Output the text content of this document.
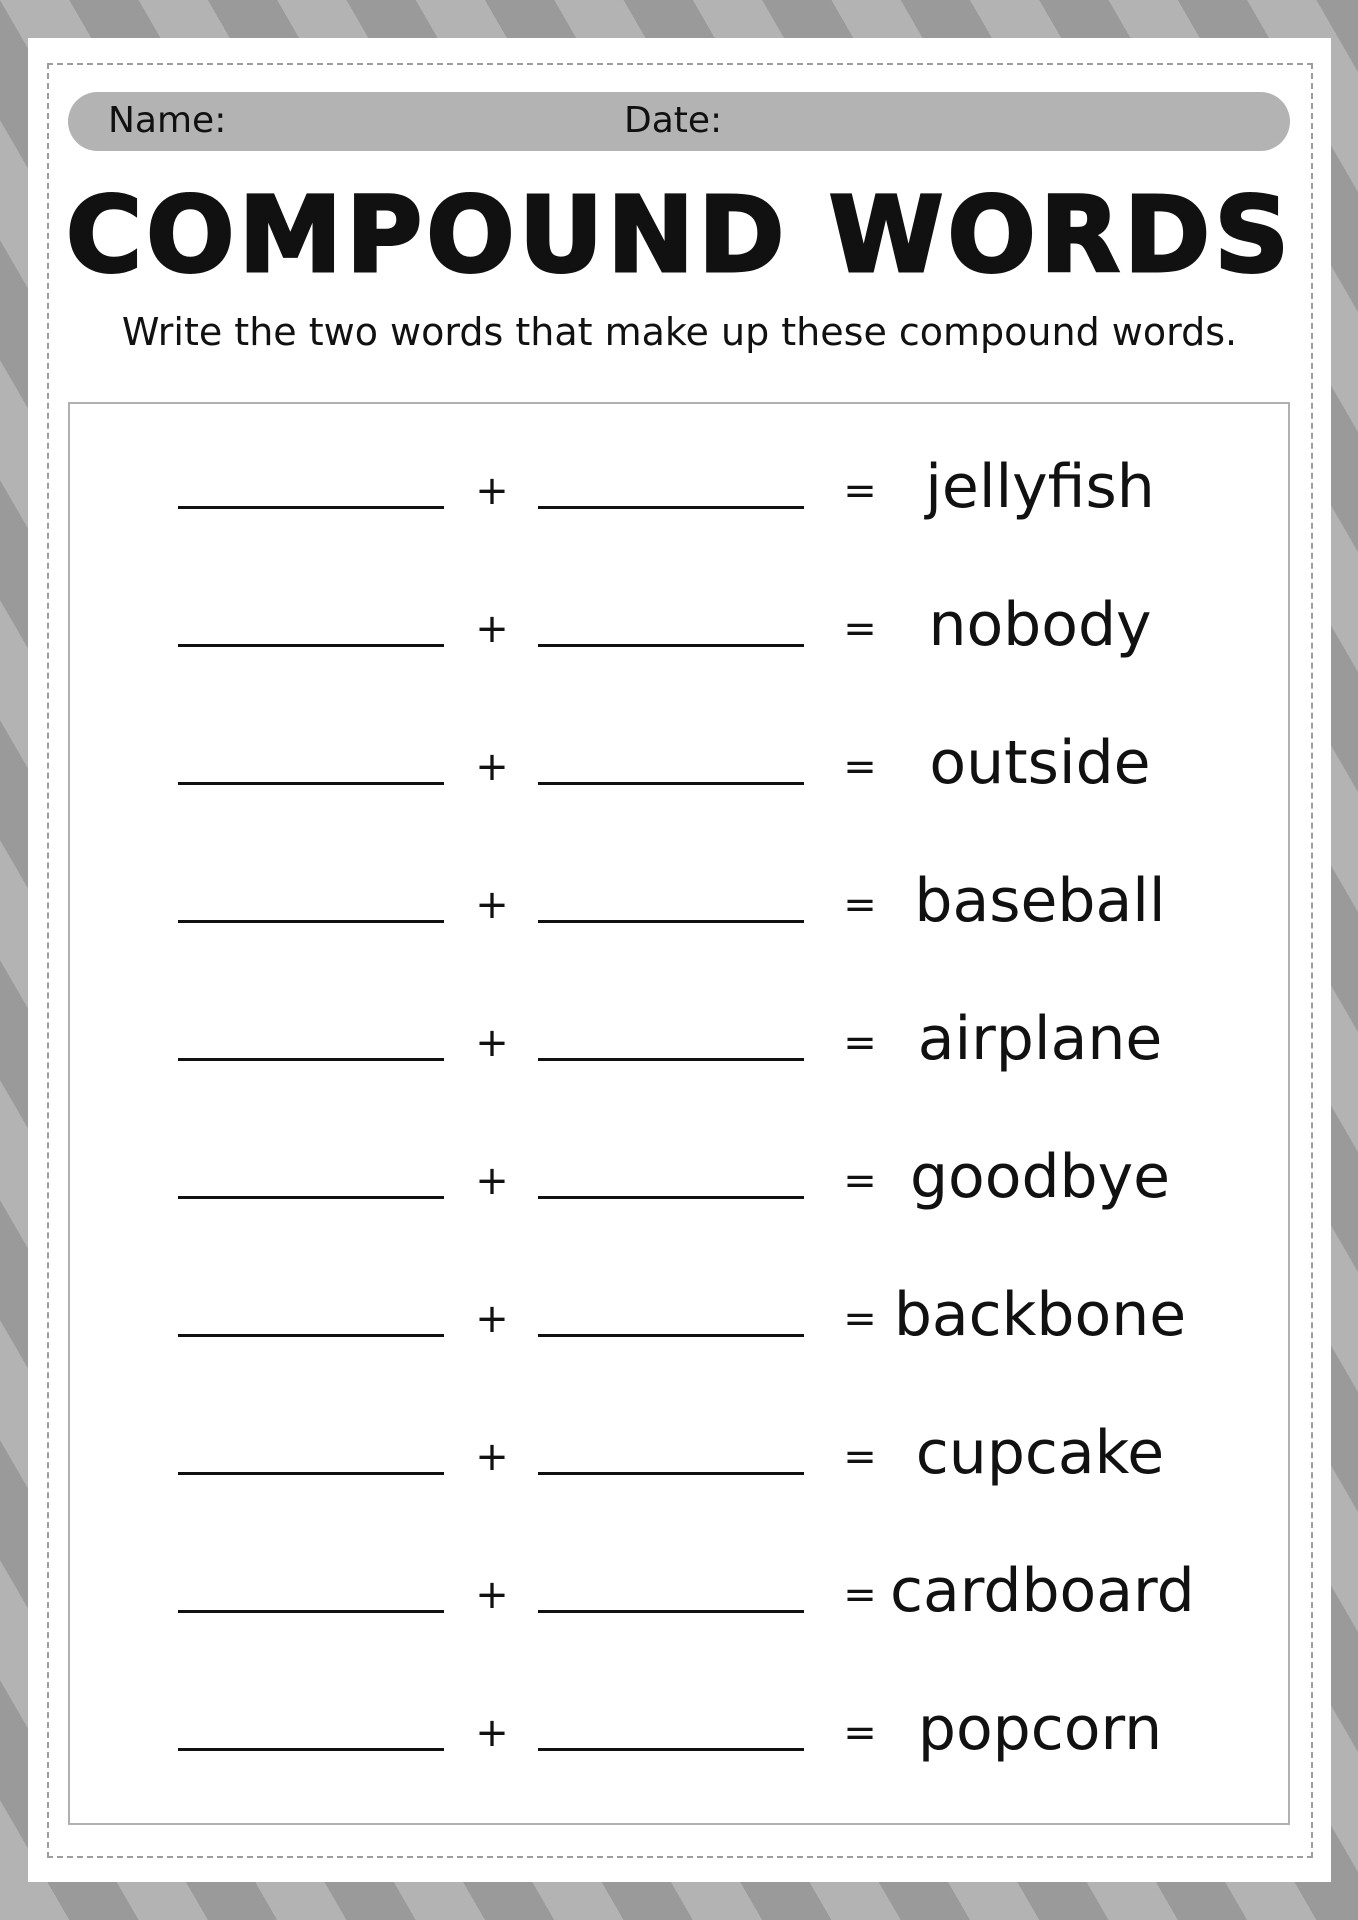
Name:	Date:
COMPOUND WORDS
Write the two words that make up these compound words.
+	= jellyfish
+	= nobody
+	= outside
+	= baseball
+	= airplane
+	= goodbye
+	= backbone
+	= cupcake
+	= cardboard
+	= popcorn
